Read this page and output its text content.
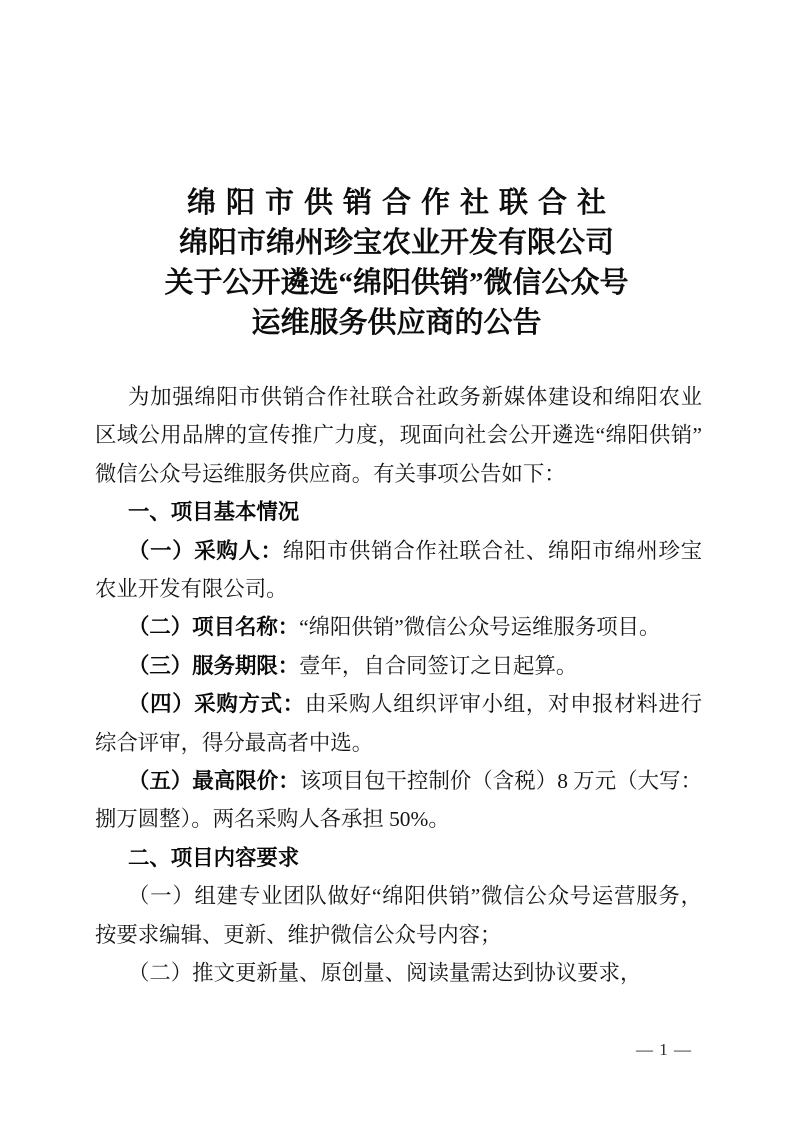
绵阳市供销合作社联合社
绵阳市绵州珍宝农业开发有限公司
关于公开遴选“绵阳供销”微信公众号
运维服务供应商的公告

为加强绵阳市供销合作社联合社政务新媒体建设和绵阳农业区域公用品牌的宣传推广力度，现面向社会公开遴选“绵阳供销”微信公众号运维服务供应商。有关事项公告如下：

一、项目基本情况

（一）采购人：绵阳市供销合作社联合社、绵阳市绵州珍宝农业开发有限公司。

（二）项目名称：“绵阳供销”微信公众号运维服务项目。

（三）服务期限：壹年，自合同签订之日起算。

（四）采购方式：由采购人组织评审小组，对申报材料进行综合评审，得分最高者中选。

（五）最高限价：该项目包干控制价（含税）8 万元（大写：捌万圆整）。两名采购人各承担 50%。

二、项目内容要求

（一）组建专业团队做好“绵阳供销”微信公众号运营服务，按要求编辑、更新、维护微信公众号内容；

（二）推文更新量、原创量、阅读量需达到协议要求，

— 1 —
